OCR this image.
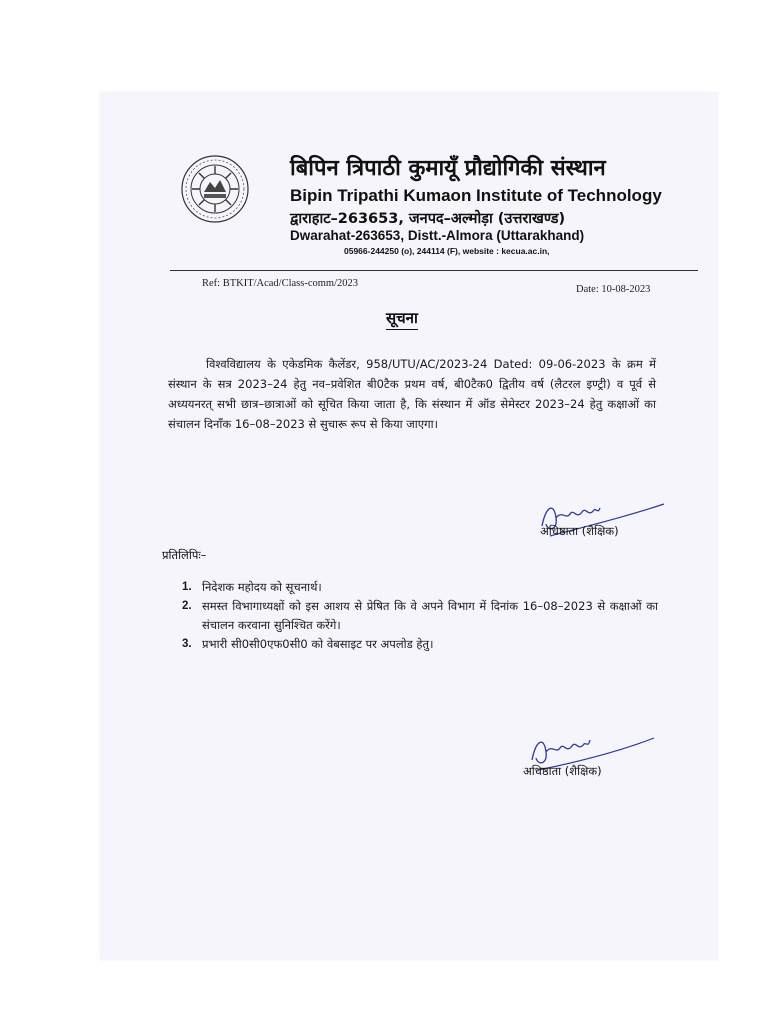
बिपिन त्रिपाठी कुमायूँ प्रौद्योगिकी संस्थान
Bipin Tripathi Kumaon Institute of Technology
द्वाराहाट–263653, जनपद–अल्मोड़ा (उत्तराखण्ड)
Dwarahat-263653, Distt.-Almora (Uttarakhand)
05966-244250 (o), 244114 (F), website : kecua.ac.in,
Ref: BTKIT/Acad/Class-comm/2023
Date: 10-08-2023
सूचना

विश्वविद्यालय के एकेडमिक कैलेंडर, 958/UTU/AC/2023-24 Dated: 09-06-2023 के क्रम में संस्थान के सत्र 2023–24 हेतु नव–प्रवेशित बी0टैक प्रथम वर्ष, बी0टैक0 द्वितीय वर्ष (लैटरल इण्ट्री) व पूर्व से अध्ययनरत् सभी छात्र–छात्राओं को सूचित किया जाता है, कि संस्थान में ऑड सेमेस्टर 2023–24 हेतु कक्षाओं का संचालन दिनाँक 16–08–2023 से सुचारू रूप से किया जाएगा।

अधिष्ठाता (शैक्षिक)
प्रतिलिपिः–
1. निदेशक महोदय को सूचनार्थ।
2. समस्त विभागाध्यक्षों को इस आशय से प्रेषित कि वे अपने विभाग में दिनांक 16–08–2023 से कक्षाओं का संचालन करवाना सुनिश्चित करेंगे।
3. प्रभारी सी0सी0एफ0सी0 को वेबसाइट पर अपलोड हेतु।
अधिष्ठाता (शैक्षिक)
